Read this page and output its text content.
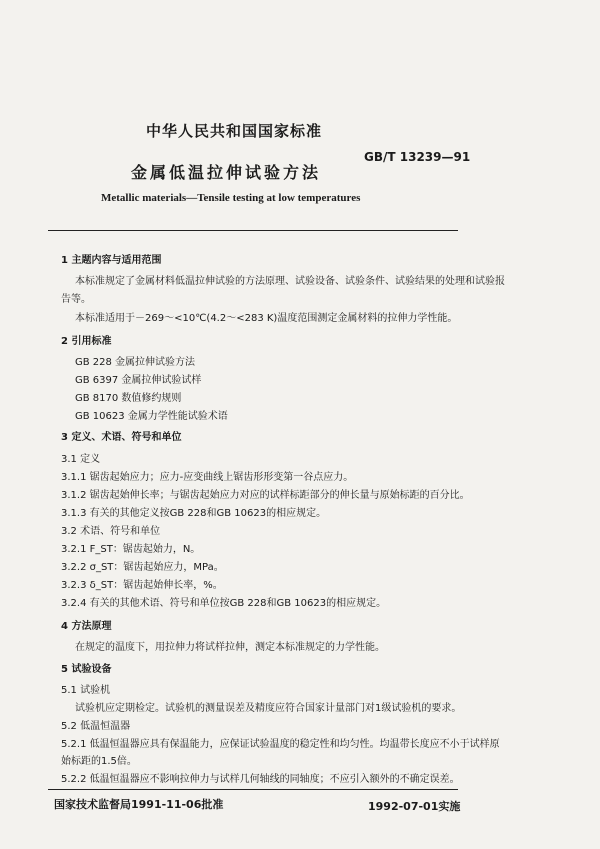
中华人民共和国国家标准
GB/T 13239—91
金属低温拉伸试验方法
Metallic materials—Tensile testing at low temperatures
1 主题内容与适用范围
本标准规定了金属材料低温拉伸试验的方法原理、试验设备、试验条件、试验结果的处理和试验报
告等。
本标准适用于－269～<10℃(4.2～<283 K)温度范围测定金属材料的拉伸力学性能。
2 引用标准
GB 228 金属拉伸试验方法
GB 6397 金属拉伸试验试样
GB 8170 数值修约规则
GB 10623 金属力学性能试验术语
3 定义、术语、符号和单位
3.1 定义
3.1.1 锯齿起始应力；应力-应变曲线上锯齿形形变第一谷点应力。
3.1.2 锯齿起始伸长率；与锯齿起始应力对应的试样标距部分的伸长量与原始标距的百分比。
3.1.3 有关的其他定义按GB 228和GB 10623的相应规定。
3.2 术语、符号和单位
3.2.1 F_ST：锯齿起始力，N。
3.2.2 σ_ST：锯齿起始应力，MPa。
3.2.3 δ_ST：锯齿起始伸长率，%。
3.2.4 有关的其他术语、符号和单位按GB 228和GB 10623的相应规定。
4 方法原理
在规定的温度下，用拉伸力将试样拉伸，测定本标准规定的力学性能。
5 试验设备
5.1 试验机
试验机应定期检定。试验机的测量误差及精度应符合国家计量部门对1级试验机的要求。
5.2 低温恒温器
5.2.1 低温恒温器应具有保温能力，应保证试验温度的稳定性和均匀性。均温带长度应不小于试样原
始标距的1.5倍。
5.2.2 低温恒温器应不影响拉伸力与试样几何轴线的同轴度；不应引入额外的不确定误差。
国家技术监督局1991-11-06批准	1992-07-01实施
